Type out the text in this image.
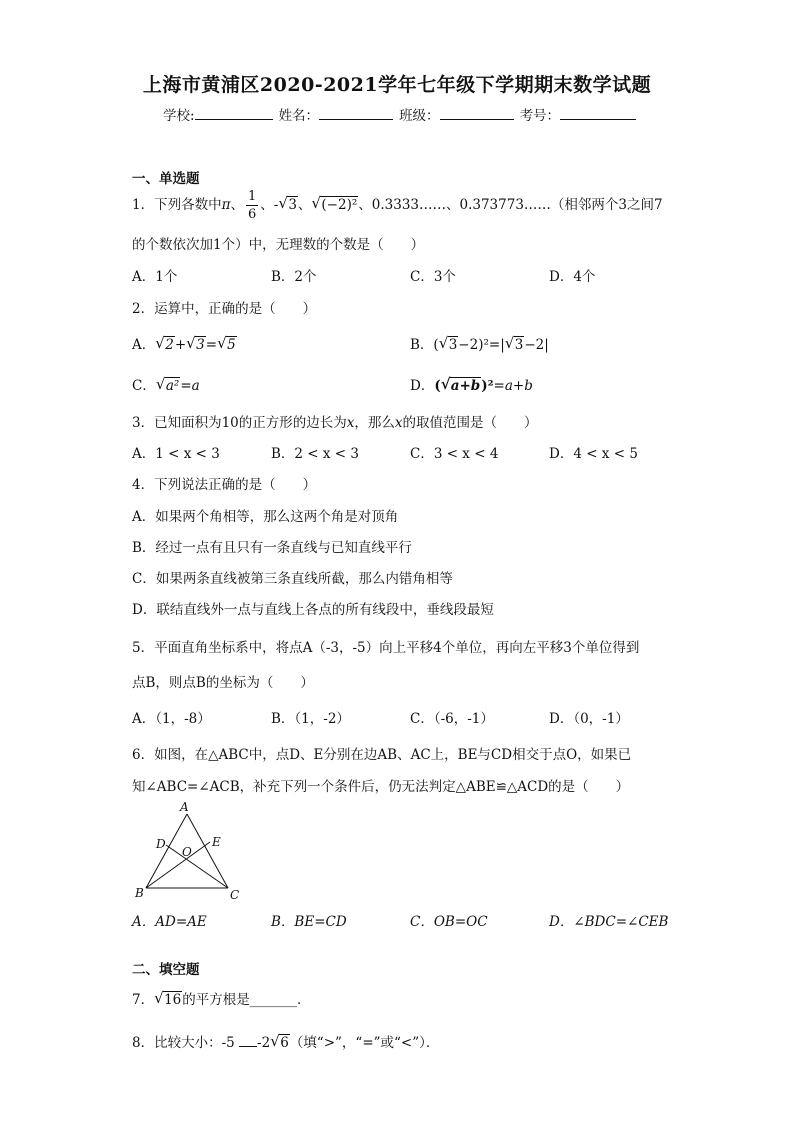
上海市黄浦区2020-2021学年七年级下学期期末数学试题
学校:	姓名：	班级：	考号：
一、单选题
1．下列各数中π、 $\frac{1}{6}$ 、- √ 3、 √ (−2)²、0.3333……、0.373773……（相邻两个3之间7
的个数依次加1个）中，无理数的个数是（　　）
A．1个	B．2个	C．3个	D．4个
2．运算中，正确的是（　　）
A． √ 2+ √ 3= √ 5	B．( √ 3−2)²=| √ 3−2|
C． √ a²=a	D．( √ a+b)²=a+b
3．已知面积为10的正方形的边长为x，那么x的取值范围是（　　）
A．1 < x < 3	B．2 < x < 3	C．3 < x < 4	D．4 < x < 5
4．下列说法正确的是（　　）
A．如果两个角相等，那么这两个角是对顶角
B．经过一点有且只有一条直线与已知直线平行
C．如果两条直线被第三条直线所截，那么内错角相等
D．联结直线外一点与直线上各点的所有线段中，垂线段最短
5．平面直角坐标系中，将点A（-3，-5）向上平移4个单位，再向左平移3个单位得到
点B，则点B的坐标为（　　）
A．（1，-8）	B．（1，-2）	C．（-6，-1）	D．（0，-1）
6．如图，在△ABC中，点D、E分别在边AB、AC上，BE与CD相交于点O，如果已
知∠ABC=∠ACB，补充下列一个条件后，仍无法判定△ABE≌△ACD的是（　　）
A
B	C
D	E
O
A．AD=AE	B．BE=CD	C．OB=OC	D．∠BDC=∠CEB
二、填空题
7． √ 16的平方根是_______．
8．比较大小：-5 -2 √ 6（填“>”，“=”或“<”）．
